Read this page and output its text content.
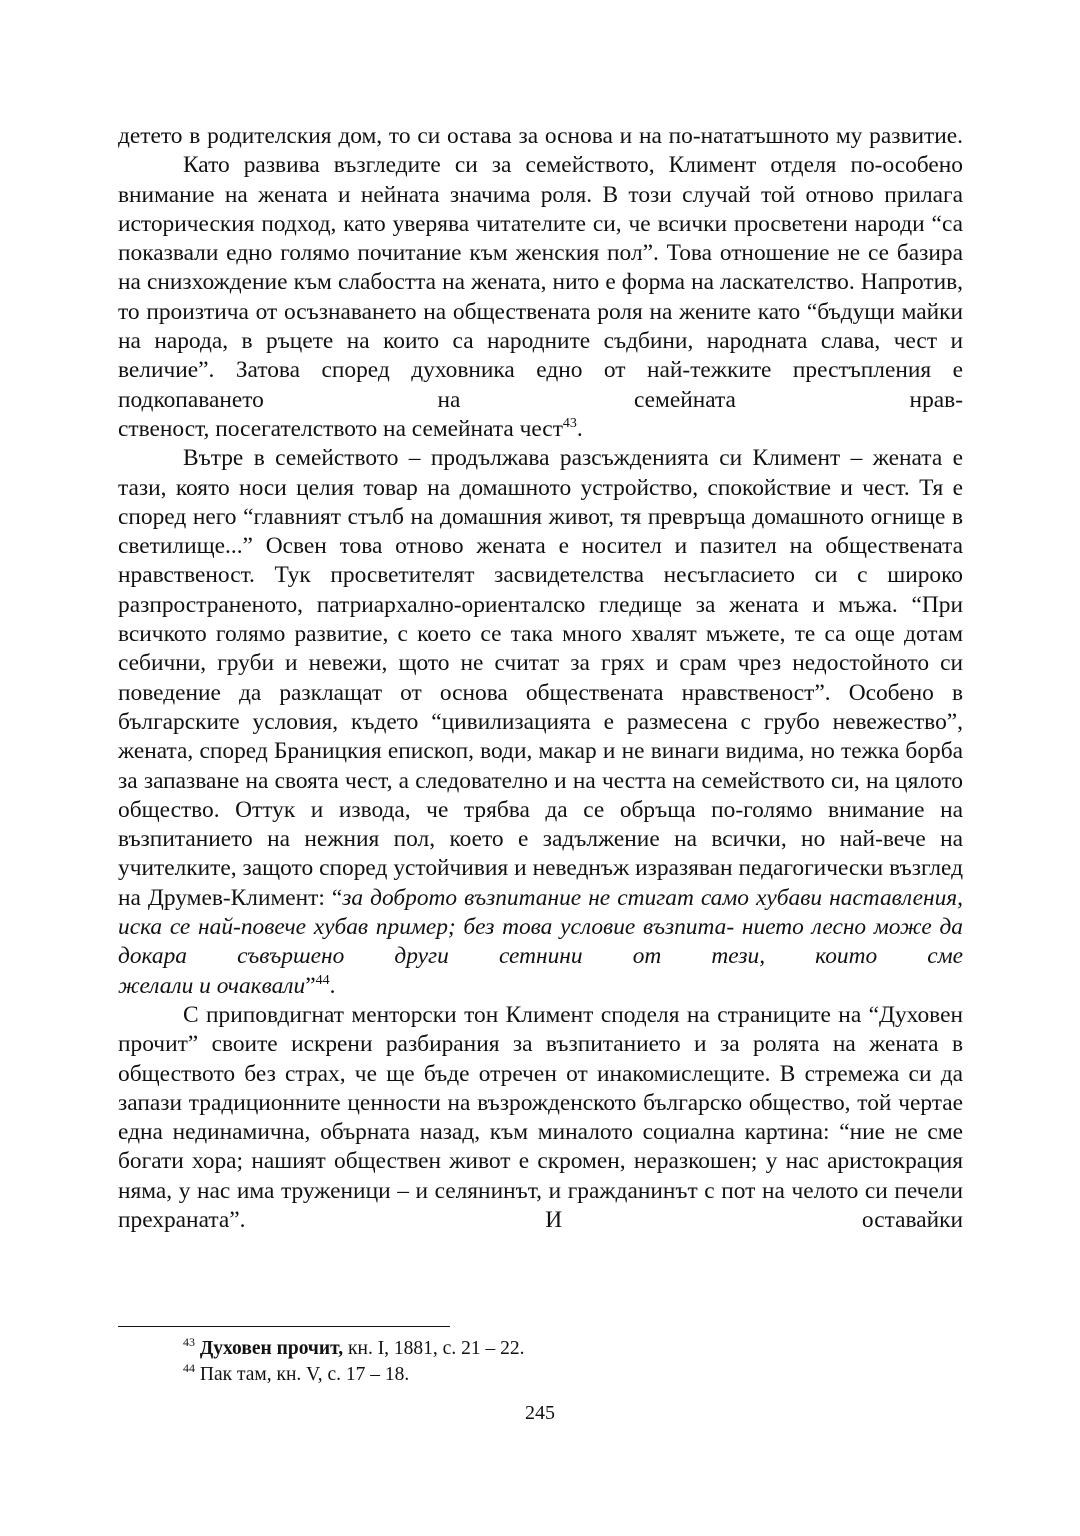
детето в родителския дом, то си остава за основа и на по-нататъшното му развитие.

Като развива възгледите си за семейството, Климент отделя по-особено внимание на жената и нейната значима роля. В този случай той отново прилага историческия подход, като уверява читателите си, че всички просветени народи “са показвали едно голямо почитание към женския пол”. Това отношение не се базира на снизхождение към слабостта на жената, нито е форма на ласкателство. Напротив, то произтича от осъзнаването на обществената роля на жените като “бъдущи майки на народа, в ръцете на които са народните съдбини, народната слава, чест и величие”. Затова според духовника едно от най-тежките престъпления е подкопаването на семейната нрав-
ственост, посегателството на семейната чест$^{43}$.

Вътре в семейството – продължава разсъжденията си Климент – жената е тази, която носи целия товар на домашното устройство, спокойствие и чест. Тя е според него “главният стълб на домашния живот, тя превръща домашното огнище в светилище...” Освен това отново жената е носител и пазител на обществената нравственост. Тук просветителят засвидетелства несъгласието си с широко разпространеното, патриархално-ориенталско гледище за жената и мъжа. “При всичкото голямо развитие, с което се така много хвалят мъжете, те са още дотам себични, груби и невежи, щото не считат за грях и срам чрез недостойното си поведение да разклащат от основа обществената нравственост”. Особено в българските условия, където “цивилизацията е размесена с грубо невежество”, жената, според Браницкия епископ, води, макар и не винаги видима, но тежка борба за запазване на своята чест, а следователно и на честта на семейството си, на цялото общество. Оттук и извода, че трябва да се обръща по-голямо внимание на възпитанието на нежния пол, което е задължение на всички, но най-вече на учителките, защото според устойчивия и неведнъж изразяван педагогически възглед на Друмев-Климент: “за доброто възпитание не стигат само хубави наставления, иска се най-повече хубав пример; без това условие възпита- нието лесно може да докара съвършено други сетнини от тези, които сме
желали и очаквали”$^{44}$.

С приповдигнат менторски тон Климент споделя на страниците на “Духовен прочит” своите искрени разбирания за възпитанието и за ролята на жената в обществото без страх, че ще бъде отречен от инакомислещите. В стремежа си да запази традиционните ценности на възрожденското българско общество, той чертае една нединамична, обърната назад, към миналото социална картина: “ние не сме богати хора; нашият обществен живот е скромен, неразкошен; у нас аристокрация няма, у нас има труженици – и селянинът, и гражданинът с пот на челото си печели прехраната”. И оставайки

$^{43}$ Духовен прочит, кн. I, 1881, с. 21 – 22.
$^{44}$ Пак там, кн. V, с. 17 – 18.
245
